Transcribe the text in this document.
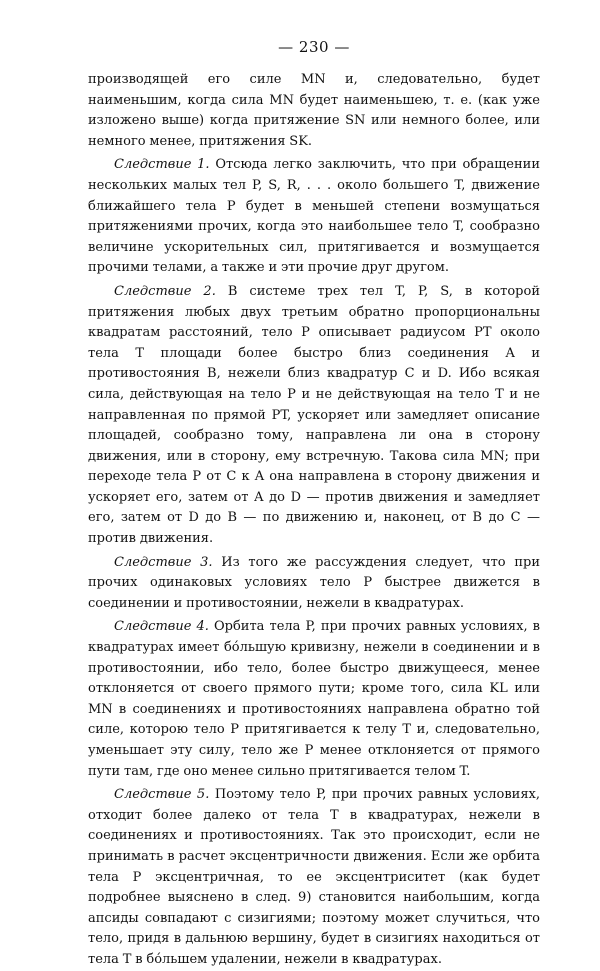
— 230 —

производящей его силе MN и, следовательно, будет наименьшим, когда сила MN будет наименьшею, т. е. (как уже изложено выше) когда притяжение SN или немного более, или немного менее, притяжения SK.

Следствие 1. Отсюда легко заключить, что при обращении нескольких малых тел P, S, R, . . . около большего T, движение ближайшего тела P будет в меньшей степени возмущаться притяжениями прочих, когда это наибольшее тело T, сообразно величине ускорительных сил, притягивается и возмущается прочими телами, а также и эти прочие друг другом.

Следствие 2. В системе трех тел T, P, S, в которой притяжения любых двух третьим обратно пропорциональны квадратам расстояний, тело P описывает радиусом PT около тела T площади более быстро близ соединения A и противостояния B, нежели близ квадратур C и D. Ибо всякая сила, действующая на тело P и не действующая на тело T и не направленная по прямой PT, ускоряет или замедляет описание площадей, сообразно тому, направлена ли она в сторону движения, или в сторону, ему встречную. Такова сила MN; при переходе тела P от C к A она направлена в сторону движения и ускоряет его, затем от A до D — против движения и замедляет его, затем от D до B — по движению и, наконец, от B до C — против движения.

Следствие 3. Из того же рассуждения следует, что при прочих одинаковых условиях тело P быстрее движется в соединении и противостоянии, нежели в квадратурах.

Следствие 4. Орбита тела P, при прочих равных условиях, в квадратурах имеет бо́льшую кривизну, нежели в соединении и в противостоянии, ибо тело, более быстро движущееся, менее отклоняется от своего прямого пути; кроме того, сила KL или MN в соединениях и противостояниях направлена обратно той силе, которою тело P притягивается к телу T и, следовательно, уменьшает эту силу, тело же P менее отклоняется от прямого пути там, где оно менее сильно притягивается телом T.

Следствие 5. Поэтому тело P, при прочих равных условиях, отходит более далеко от тела T в квадратурах, нежели в соединениях и противостояниях. Так это происходит, если не принимать в расчет эксцентричности движения. Если же орбита тела P эксцентричная, то ее эксцентриситет (как будет подробнее выяснено в след. 9) становится наибольшим, когда апсиды совпадают с сизигиями; поэтому может случиться, что тело, придя в дальнюю вершину, будет в сизигиях находиться от тела T в бо́льшем удалении, нежели в квадратурах.
